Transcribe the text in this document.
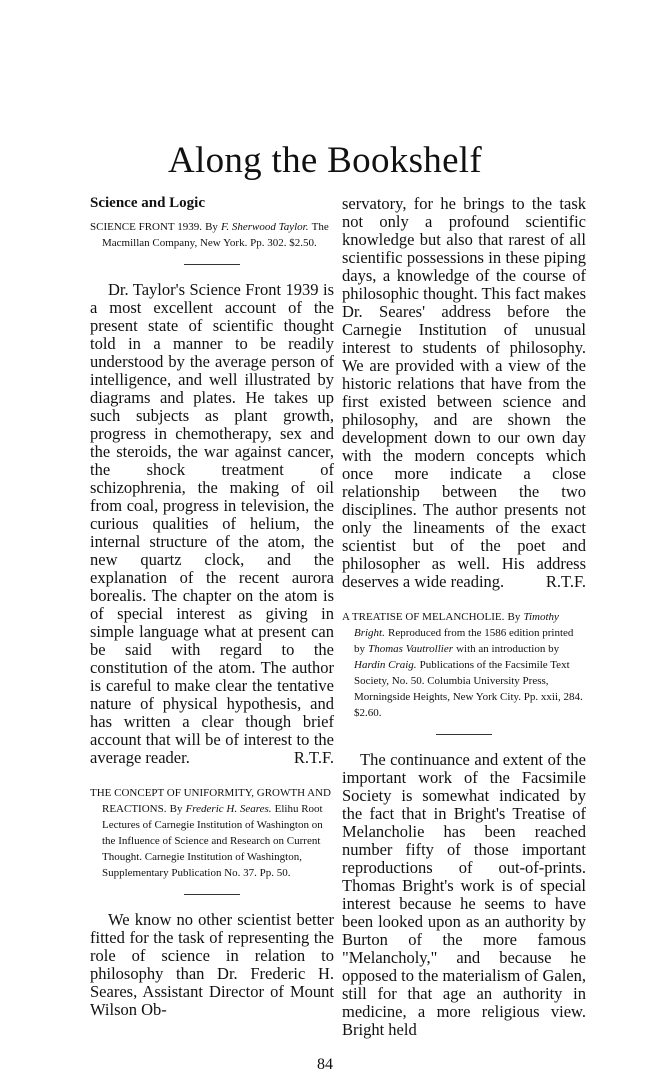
Along the Bookshelf
Science and Logic
SCIENCE FRONT 1939. By F. Sherwood Taylor. The Macmillan Company, New York. Pp. 302. $2.50.
Dr. Taylor's Science Front 1939 is a most excellent account of the present state of scientific thought told in a manner to be readily understood by the average person of intelligence, and well illustrated by diagrams and plates. He takes up such subjects as plant growth, progress in chemotherapy, sex and the steroids, the war against cancer, the shock treatment of schizophrenia, the making of oil from coal, progress in television, the curious qualities of helium, the internal structure of the atom, the new quartz clock, and the explanation of the recent aurora borealis. The chapter on the atom is of special interest as giving in simple language what at present can be said with regard to the constitution of the atom. The author is careful to make clear the tentative nature of physical hypothesis, and has written a clear though brief account that will be of interest to the average reader.	R.T.F.
THE CONCEPT OF UNIFORMITY, GROWTH AND REACTIONS. By Frederic H. Seares. Elihu Root Lectures of Carnegie Institution of Washington on the Influence of Science and Research on Current Thought. Carnegie Institution of Washington, Supplementary Publication No. 37. Pp. 50.
We know no other scientist better fitted for the task of representing the role of science in relation to philosophy than Dr. Frederic H. Seares, Assistant Director of Mount Wilson Ob-
servatory, for he brings to the task not only a profound scientific knowledge but also that rarest of all scientific possessions in these piping days, a knowledge of the course of philosophic thought. This fact makes Dr. Seares' address before the Carnegie Institution of unusual interest to students of philosophy. We are provided with a view of the historic relations that have from the first existed between science and philosophy, and are shown the development down to our own day with the modern concepts which once more indicate a close relationship between the two disciplines. The author presents not only the lineaments of the exact scientist but of the poet and philosopher as well. His address deserves a wide reading.	R.T.F.
A TREATISE OF MELANCHOLIE. By Timothy Bright. Reproduced from the 1586 edition printed by Thomas Vautrollier with an introduction by Hardin Craig. Publications of the Facsimile Text Society, No. 50. Columbia University Press, Morningside Heights, New York City. Pp. xxii, 284. $2.60.
The continuance and extent of the important work of the Facsimile Society is somewhat indicated by the fact that in Bright's Treatise of Melancholie has been reached number fifty of those important reproductions of out-of-prints. Thomas Bright's work is of special interest because he seems to have been looked upon as an authority by Burton of the more famous "Melancholy," and because he opposed to the materialism of Galen, still for that age an authority in medicine, a more religious view. Bright held
84
